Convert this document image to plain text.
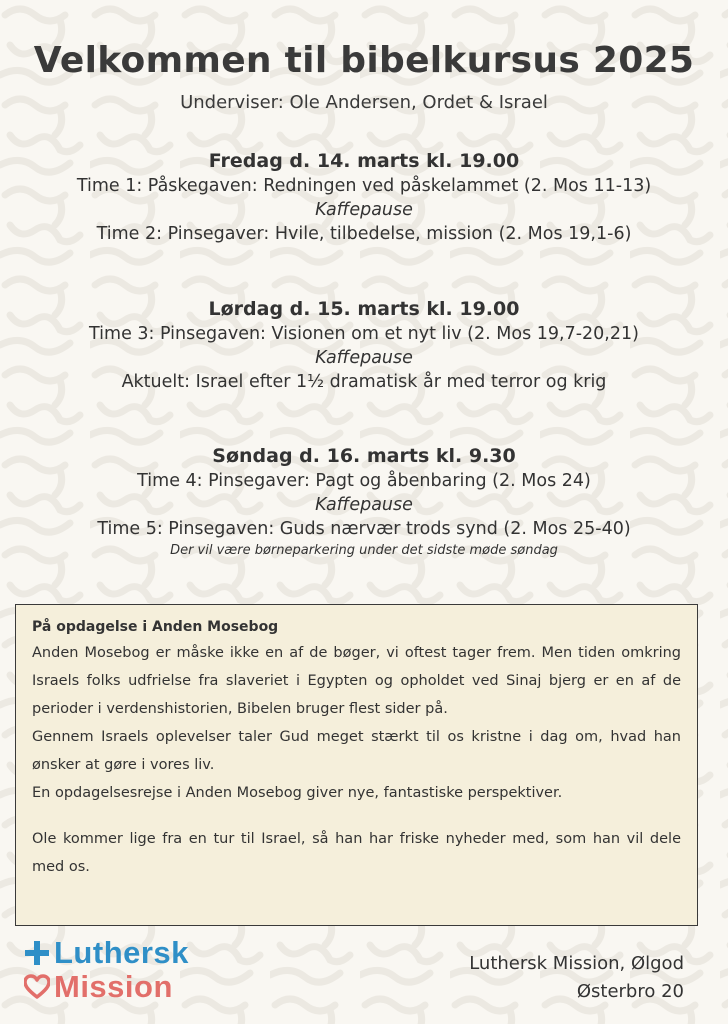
Velkommen til bibelkursus 2025
Underviser: Ole Andersen, Ordet & Israel
Fredag d. 14. marts kl. 19.00
Time 1: Påskegaven: Redningen ved påskelammet (2. Mos 11-13)
Kaffepause
Time 2: Pinsegaver: Hvile, tilbedelse, mission (2. Mos 19,1-6)
Lørdag d. 15. marts kl. 19.00
Time 3: Pinsegaven: Visionen om et nyt liv (2. Mos 19,7-20,21)
Kaffepause
Aktuelt: Israel efter 1½ dramatisk år med terror og krig
Søndag d. 16. marts kl. 9.30
Time 4: Pinsegaver: Pagt og åbenbaring (2. Mos 24)
Kaffepause
Time 5: Pinsegaven: Guds nærvær trods synd (2. Mos 25-40)
Der vil være børneparkering under det sidste møde søndag
På opdagelse i Anden Mosebog
Anden Mosebog er måske ikke en af de bøger, vi oftest tager frem. Men tiden omkring Israels folks udfrielse fra slaveriet i Egypten og opholdet ved Sinaj bjerg er en af de perioder i verdenshistorien, Bibelen bruger flest sider på.
Gennem Israels oplevelser taler Gud meget stærkt til os kristne i dag om, hvad han ønsker at gøre i vores liv.
En opdagelsesrejse i Anden Mosebog giver nye, fantastiske perspektiver.
Ole kommer lige fra en tur til Israel, så han har friske nyheder med, som han vil dele med os.
Luthersk
Mission
Luthersk Mission, Ølgod
Østerbro 20
